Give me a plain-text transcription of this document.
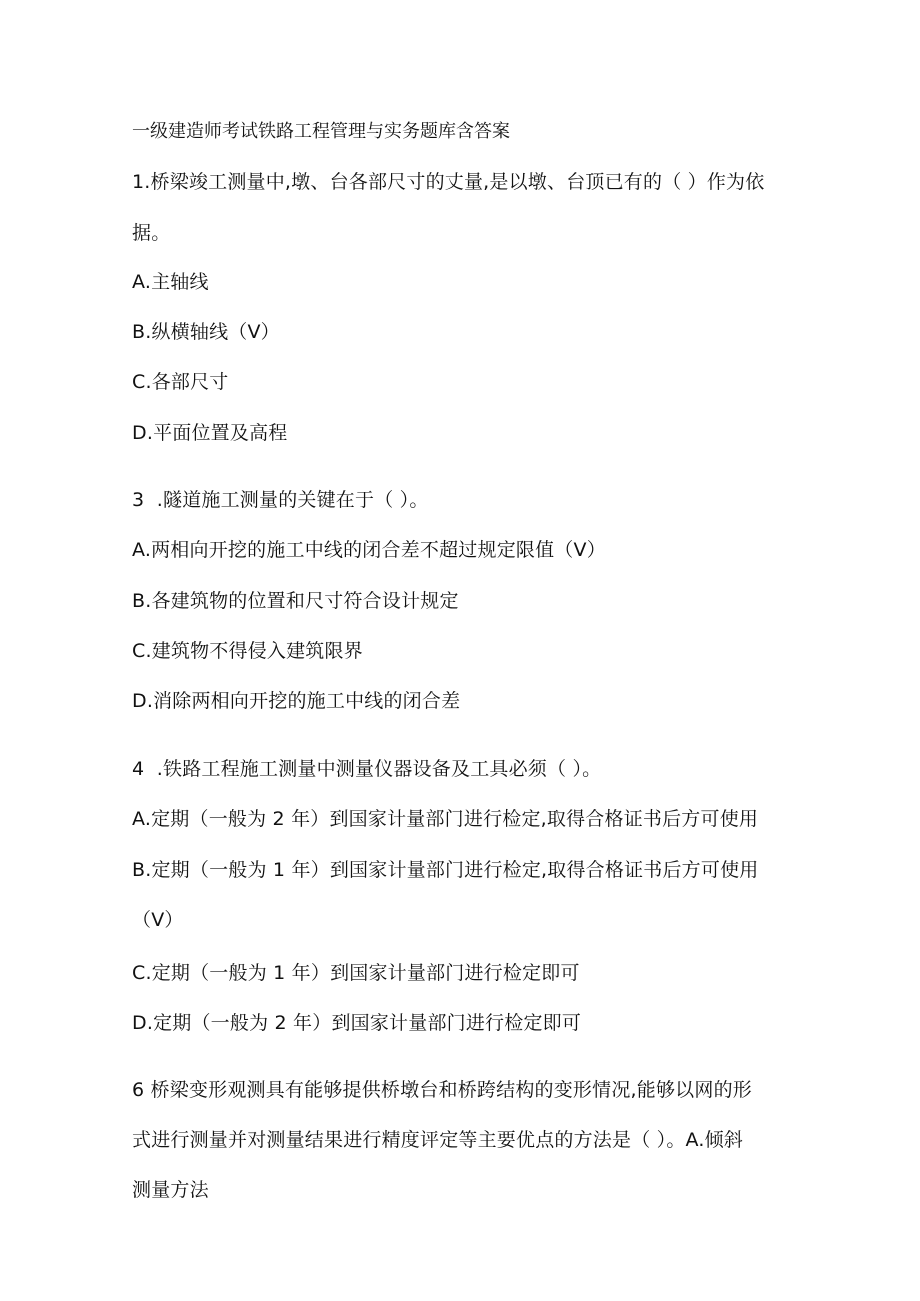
一级建造师考试铁路工程管理与实务题库含答案
1.桥梁竣工测量中,墩、台各部尺寸的丈量,是以墩、台顶已有的（ ）作为依
据。
A.主轴线
B.纵横轴线（V）
C.各部尺寸
D.平面位置及高程
3  .隧道施工测量的关键在于（ ）。
A.两相向开挖的施工中线的闭合差不超过规定限值（V）
B.各建筑物的位置和尺寸符合设计规定
C.建筑物不得侵入建筑限界
D.消除两相向开挖的施工中线的闭合差
4  .铁路工程施工测量中测量仪器设备及工具必须（ ）。
A.定期（一般为 2 年）到国家计量部门进行检定,取得合格证书后方可使用
B.定期（一般为 1 年）到国家计量部门进行检定,取得合格证书后方可使用
（V）
C.定期（一般为 1 年）到国家计量部门进行检定即可
D.定期（一般为 2 年）到国家计量部门进行检定即可
6 桥梁变形观测具有能够提供桥墩台和桥跨结构的变形情况,能够以网的形
式进行测量并对测量结果进行精度评定等主要优点的方法是（ ）。A.倾斜
测量方法
